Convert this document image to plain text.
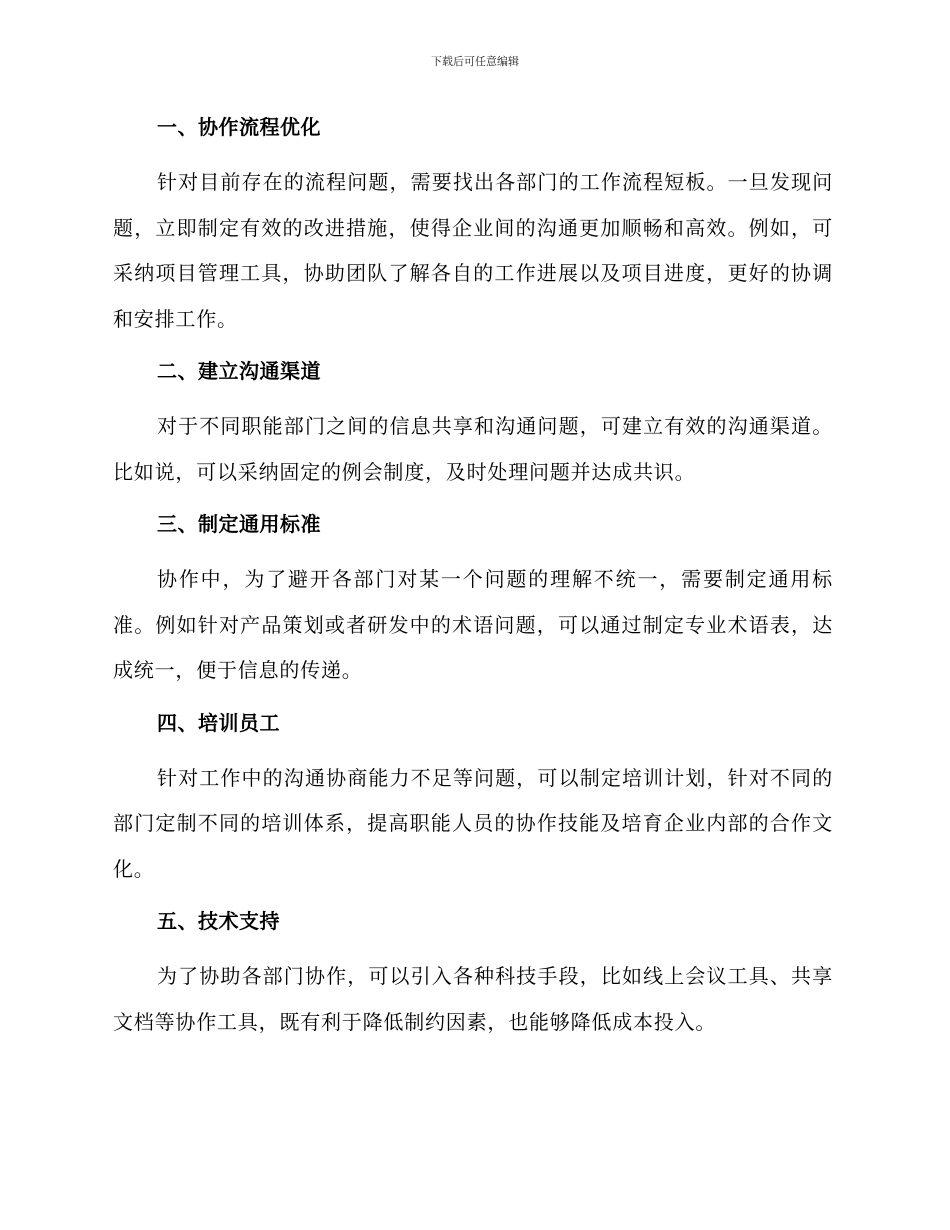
下载后可任意编辑
一、协作流程优化

针对目前存在的流程问题，需要找出各部门的工作流程短板。一旦发现问题，立即制定有效的改进措施，使得企业间的沟通更加顺畅和高效。例如，可采纳项目管理工具，协助团队了解各自的工作进展以及项目进度，更好的协调和安排工作。

二、建立沟通渠道

对于不同职能部门之间的信息共享和沟通问题，可建立有效的沟通渠道。比如说，可以采纳固定的例会制度，及时处理问题并达成共识。

三、制定通用标准

协作中，为了避开各部门对某一个问题的理解不统一，需要制定通用标准。例如针对产品策划或者研发中的术语问题，可以通过制定专业术语表，达成统一，便于信息的传递。

四、培训员工

针对工作中的沟通协商能力不足等问题，可以制定培训计划，针对不同的部门定制不同的培训体系，提高职能人员的协作技能及培育企业内部的合作文化。

五、技术支持

为了协助各部门协作，可以引入各种科技手段，比如线上会议工具、共享文档等协作工具，既有利于降低制约因素，也能够降低成本投入。
